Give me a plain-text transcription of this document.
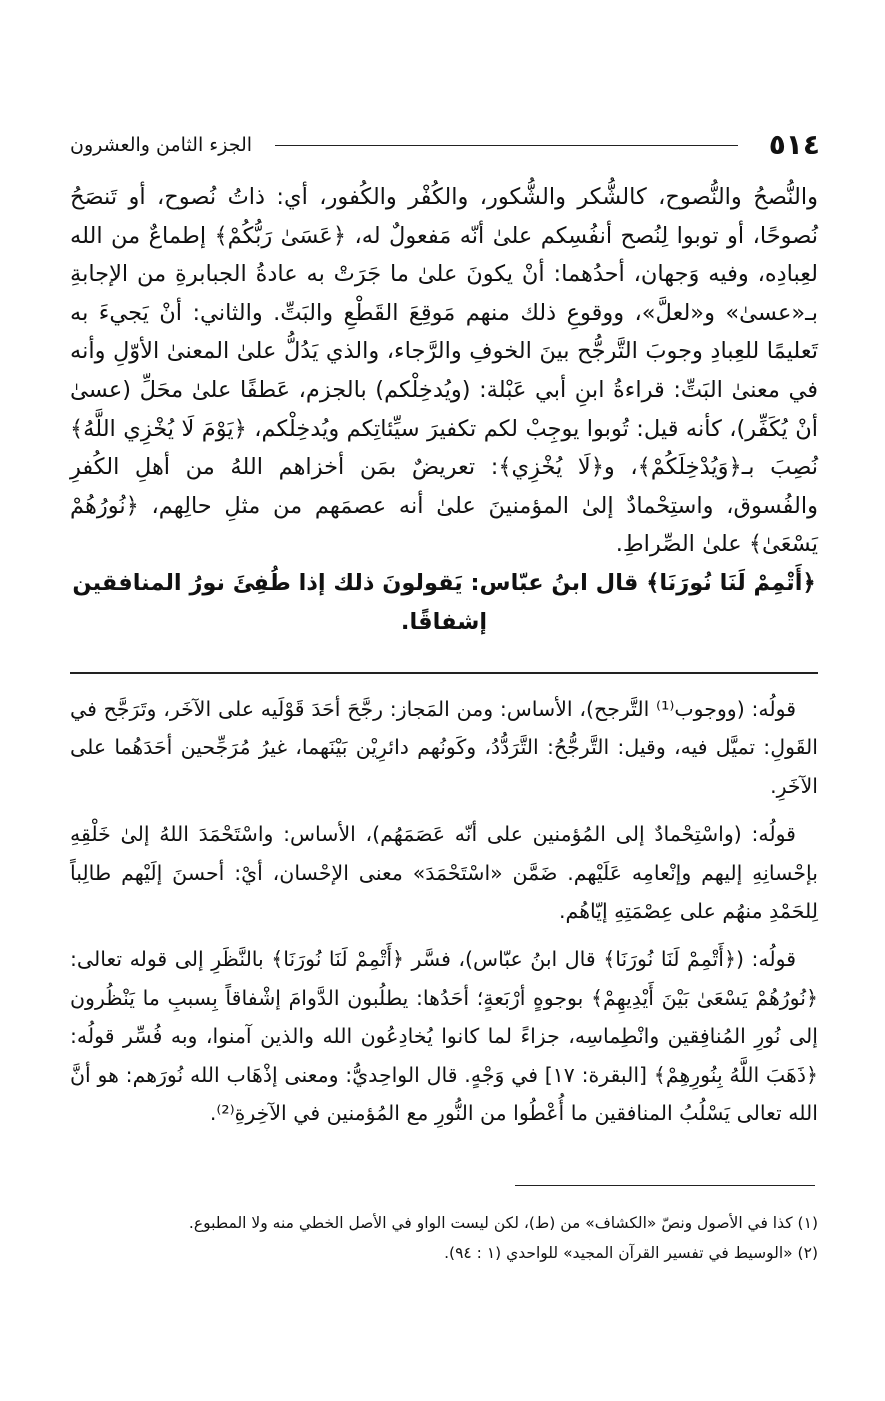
٥١٤
الجزء الثامن والعشرون

والنُّصحُ والنُّصوح، كالشُّكر والشُّكور، والكُفْر والكُفور، أي: ذاتُ نُصوح، أو تَنصَحُ نُصوحًا، أو توبوا لِنُصح أنفُسِكم علىٰ أنّه مَفعولٌ له، ﴿عَسَىٰ رَبُّكُمْ﴾ إطماعٌ من الله لعِبادِه، وفيه وَجهان، أحدُهما: أنْ يكونَ علىٰ ما جَرَتْ به عادةُ الجبابرةِ من الإجابةِ بـ«عسىٰ» و«لعلَّ»، ووقوعِ ذلك منهم مَوقِعَ القَطْعِ والبَتِّ. والثاني: أنْ يَجيءَ به تَعليمًا للعِبادِ وجوبَ التَّرجُّح بينَ الخوفِ والرَّجاء، والذي يَدُلُّ علىٰ المعنىٰ الأوّلِ وأنه في معنىٰ البَتِّ: قراءةُ ابنِ أبي عَبْلة: (ويُدخِلْكم) بالجزم، عَطفًا علىٰ محَلِّ (عسىٰ أنْ يُكَفِّر)، كأنه قيل: تُوبوا يوجِبْ لكم تكفيرَ سيِّئاتِكم ويُدخِلْكم، ﴿يَوْمَ لَا يُخْزِي اللَّهُ﴾ نُصِبَ بـ﴿وَيُدْخِلَكُمْ﴾، و﴿لَا يُخْزِي﴾: تعريضٌ بمَن أخزاهم اللهُ من أهلِ الكُفرِ والفُسوق، واستِحْمادٌ إلىٰ المؤمنينَ علىٰ أنه عصمَهم من مثلِ حالِهم، ﴿نُورُهُمْ يَسْعَىٰ﴾ علىٰ الصِّراطِ.

﴿أَتْمِمْ لَنَا نُورَنَا﴾ قال ابنُ عبّاس: يَقولونَ ذلك إذا طُفِئَ نورُ المنافقين إشفاقًا.

قولُه: (ووجوب⁽¹⁾ التَّرجح)، الأساس: ومن المَجاز: رجَّحَ أحَدَ قَوْلَيه على الآخَر، وتَرَجَّح في القَولِ: تميَّل فيه، وقيل: التَّرجُّحُ: التَّرَدُّدُ، وكَونُهم دائرِيْن بَيْنَهما، غيرُ مُرَجِّحين أحَدَهُما على الآخَرِ.

قولُه: (واسْتِحْمادٌ إلى المُؤمنين على أنّه عَصَمَهُم)، الأساس: واسْتَحْمَدَ اللهُ إلىٰ خَلْقِهِ بإحْسانِهِ إليهم وإنْعامِه عَلَيْهم. ضَمَّن «اسْتَحْمَدَ» معنى الإحْسان، أيْ: أحسنَ إلَيْهم طالِباً لِلحَمْدِ منهُم على عِصْمَتِهِ إيّاهُم.

قولُه: (﴿أَتْمِمْ لَنَا نُورَنَا﴾ قال ابنُ عبّاس)، فسَّر ﴿أَتْمِمْ لَنَا نُورَنَا﴾ بالنَّظَرِ إلى قوله تعالى: ﴿نُورُهُمْ يَسْعَىٰ بَيْنَ أَيْدِيهِمْ﴾ بوجوهٍ أرْبَعةٍ؛ أحَدُها: يطلُبون الدَّوامَ إشْفاقاً بِسببِ ما يَنْظُرون إلى نُورِ المُنافِقين وانْطِماسِه، جزاءً لما كانوا يُخادِعُون الله والذين آمنوا، وبه فُسِّر قولُه: ﴿ذَهَبَ اللَّهُ بِنُورِهِمْ﴾ [البقرة: ١٧] في وَجْهٍ. قال الواحِديُّ: ومعنى إذْهَاب الله نُورَهم: هو أنَّ الله تعالى يَسْلُبُ المنافقين ما أُعْطُوا من النُّورِ مع المُؤمنين في الآخِرةِ⁽²⁾.

(١) كذا في الأصول ونصّ «الكشاف» من (ط)، لكن ليست الواو في الأصل الخطي منه ولا المطبوع.

(٢) «الوسيط في تفسير القرآن المجيد» للواحدي (١ : ٩٤).
